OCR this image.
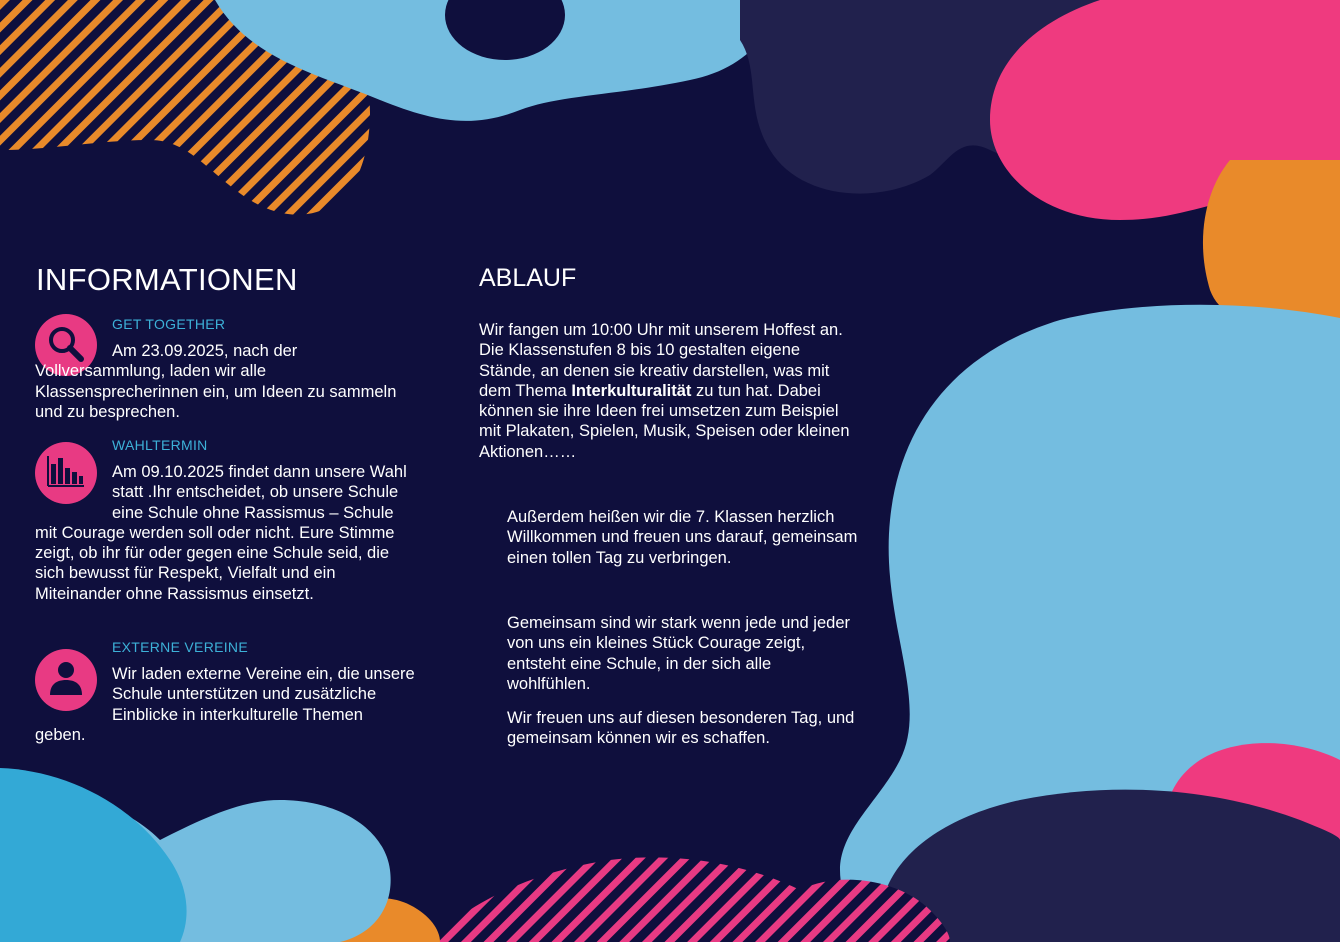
INFORMATIONEN
GET TOGETHER

Am 23.09.2025, nach der Vollversammlung, laden wir alle Klassensprecherinnen ein, um Ideen zu sammeln und zu besprechen.

WAHLTERMIN

Am 09.10.2025 findet dann unsere Wahl statt .Ihr entscheidet, ob unsere Schule eine Schule ohne Rassismus – Schule mit Courage werden soll oder nicht. Eure Stimme zeigt, ob ihr für oder gegen eine Schule seid, die sich bewusst für Respekt, Vielfalt und ein Miteinander ohne Rassismus einsetzt.

EXTERNE VEREINE

Wir laden externe Vereine ein, die unsere Schule unterstützen und zusätzliche Einblicke in interkulturelle Themen geben.

ABLAUF

Wir fangen um 10:00 Uhr mit unserem Hoffest an. Die Klassenstufen 8 bis 10 gestalten eigene Stände, an denen sie kreativ darstellen, was mit dem Thema Interkulturalität zu tun hat. Dabei können sie ihre Ideen frei umsetzen zum Beispiel mit Plakaten, Spielen, Musik, Speisen oder kleinen Aktionen……

Außerdem heißen wir die 7. Klassen herzlich Willkommen und freuen uns darauf, gemeinsam einen tollen Tag zu verbringen.

Gemeinsam sind wir stark wenn jede und jeder von uns ein kleines Stück Courage zeigt, entsteht eine Schule, in der sich alle wohlfühlen.

Wir freuen uns auf diesen besonderen Tag, und gemeinsam können wir es schaffen.
